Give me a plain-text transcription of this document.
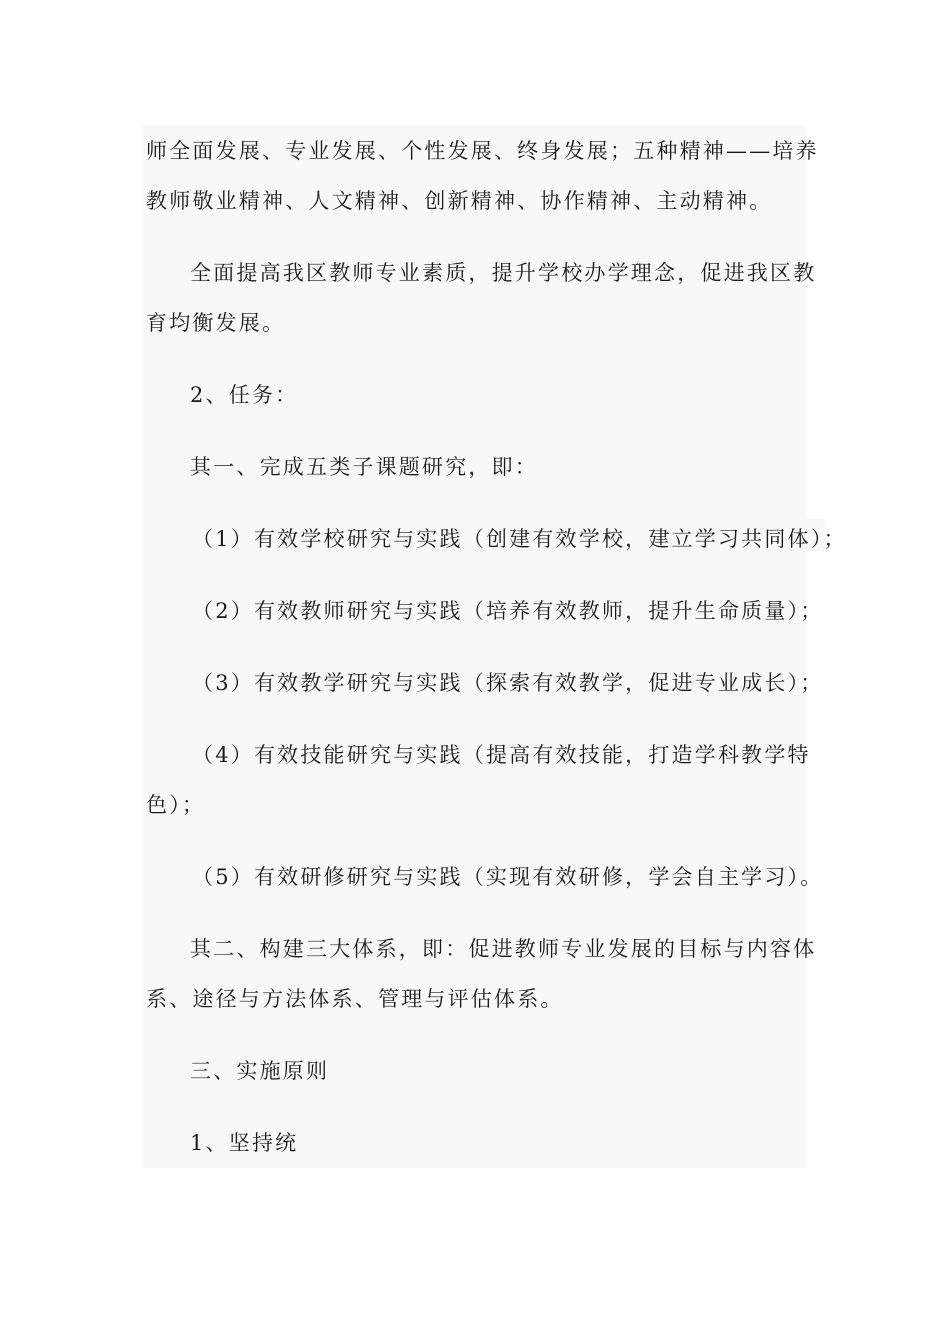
师全面发展、专业发展、个性发展、终身发展；五种精神——培养
教师敬业精神、人文精神、创新精神、协作精神、主动精神。
全面提高我区教师专业素质，提升学校办学理念，促进我区教
育均衡发展。
2、任务：
其一、完成五类子课题研究，即：
（1）有效学校研究与实践（创建有效学校，建立学习共同体）；
（2）有效教师研究与实践（培养有效教师，提升生命质量）；
（3）有效教学研究与实践（探索有效教学，促进专业成长）；
（4）有效技能研究与实践（提高有效技能，打造学科教学特
色）；
（5）有效研修研究与实践（实现有效研修，学会自主学习）。
其二、构建三大体系，即：促进教师专业发展的目标与内容体
系、途径与方法体系、管理与评估体系。
三、实施原则
1、坚持统
